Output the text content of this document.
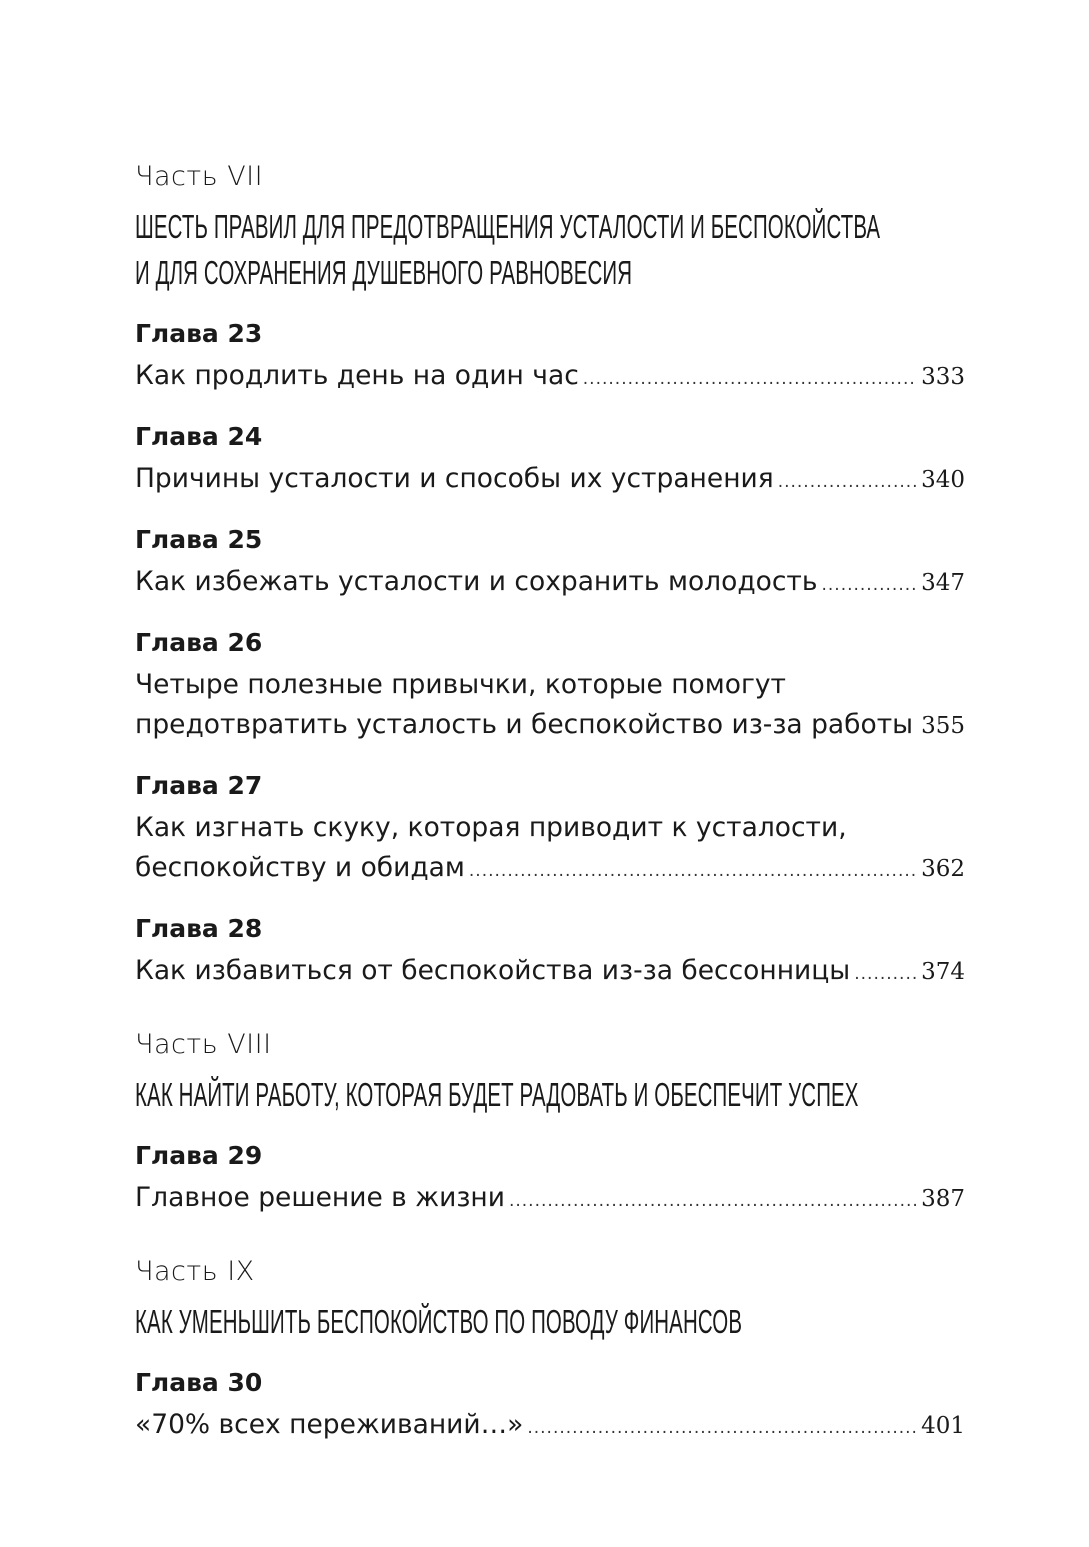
Часть VII

ШЕСТЬ ПРАВИЛ ДЛЯ ПРЕДОТВРАЩЕНИЯ УСТАЛОСТИ И БЕСПОКОЙСТВА

И ДЛЯ СОХРАНЕНИЯ ДУШЕВНОГО РАВНОВЕСИЯ

Глава 23

Как продлить день на один час .....	333

Глава 24

Причины усталости и способы их устранения .....	340

Глава 25

Как избежать усталости и сохранить молодость .....	347

Глава 26

Четыре полезные привычки, которые помогут

предотвратить усталость и беспокойство из-за работы ..... 355

Глава 27

Как изгнать скуку, которая приводит к усталости,

беспокойству и обидам .....	362

Глава 28

Как избавиться от беспокойства из-за бессонницы .....	374

Часть VIII

КАК НАЙТИ РАБОТУ, КОТОРАЯ БУДЕТ РАДОВАТЬ И ОБЕСПЕЧИТ УСПЕХ

Глава 29

Главное решение в жизни .....	387

Часть IX

КАК УМЕНЬШИТЬ БЕСПОКОЙСТВО ПО ПОВОДУ ФИНАНСОВ

Глава 30

«70% всех переживаний…» .....	401
